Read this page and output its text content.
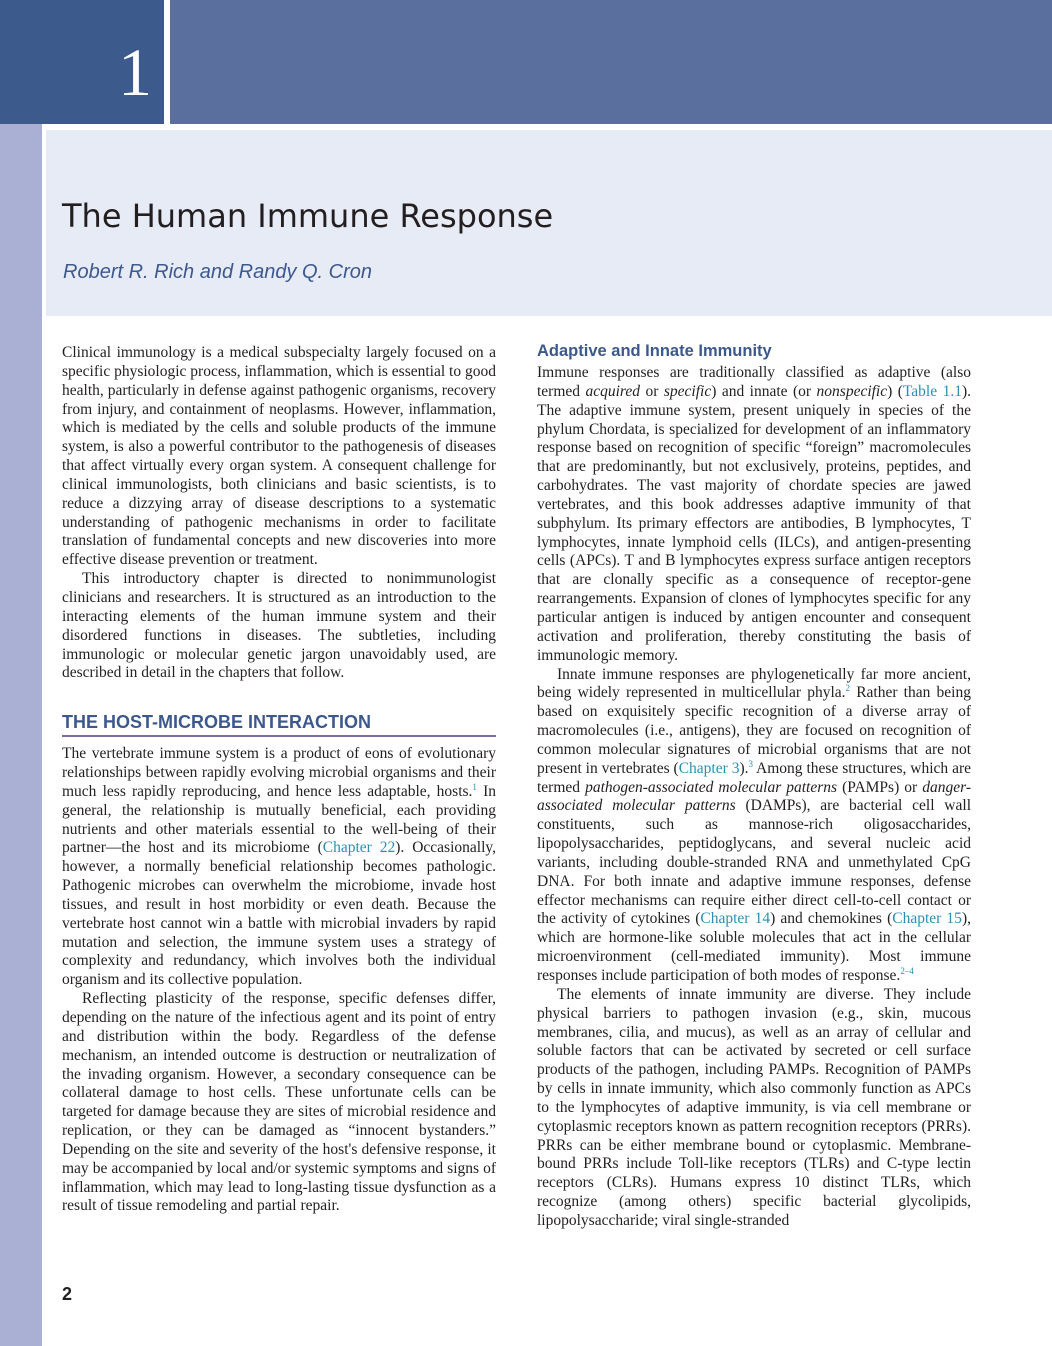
1
The Human Immune Response

Robert R. Rich and Randy Q. Cron

Clinical immunology is a medical subspecialty largely focused on a specific physiologic process, inflammation, which is essential to good health, particularly in defense against pathogenic organisms, recovery from injury, and containment of neoplasms. However, inflammation, which is mediated by the cells and soluble products of the immune system, is also a powerful contributor to the pathogenesis of diseases that affect virtually every organ system. A consequent challenge for clinical immunologists, both clinicians and basic scientists, is to reduce a dizzying array of disease descriptions to a systematic understanding of pathogenic mechanisms in order to facilitate translation of fundamental concepts and new discoveries into more effective disease prevention or treatment.

This introductory chapter is directed to nonimmunologist clinicians and researchers. It is structured as an introduction to the interacting elements of the human immune system and their disordered functions in diseases. The subtleties, including immunologic or molecular genetic jargon unavoidably used, are described in detail in the chapters that follow.

THE HOST-MICROBE INTERACTION

The vertebrate immune system is a product of eons of evolutionary relationships between rapidly evolving microbial organisms and their much less rapidly reproducing, and hence less adaptable, hosts.$^1$ In general, the relationship is mutually beneficial, each providing nutrients and other materials essential to the well-being of their partner—the host and its microbiome (Chapter 22). Occasionally, however, a normally beneficial relationship becomes pathologic. Pathogenic microbes can overwhelm the microbiome, invade host tissues, and result in host morbidity or even death. Because the vertebrate host cannot win a battle with microbial invaders by rapid mutation and selection, the immune system uses a strategy of complexity and redundancy, which involves both the individual organism and its collective population.

Reflecting plasticity of the response, specific defenses differ, depending on the nature of the infectious agent and its point of entry and distribution within the body. Regardless of the defense mechanism, an intended outcome is destruction or neutralization of the invading organism. However, a secondary consequence can be collateral damage to host cells. These unfortunate cells can be targeted for damage because they are sites of microbial residence and replication, or they can be damaged as “innocent bystanders.” Depending on the site and severity of the host's defensive response, it may be accompanied by local and/or systemic symptoms and signs of inflammation, which may lead to long-lasting tissue dysfunction as a result of tissue remodeling and partial repair.

Adaptive and Innate Immunity

Immune responses are traditionally classified as adaptive (also termed acquired or specific) and innate (or nonspecific) (Table 1.1). The adaptive immune system, present uniquely in species of the phylum Chordata, is specialized for development of an inflammatory response based on recognition of specific “foreign” macromolecules that are predominantly, but not exclusively, proteins, peptides, and carbohydrates. The vast majority of chordate species are jawed vertebrates, and this book addresses adaptive immunity of that subphylum. Its primary effectors are antibodies, B lymphocytes, T lymphocytes, innate lymphoid cells (ILCs), and antigen-presenting cells (APCs). T and B lymphocytes express surface antigen receptors that are clonally specific as a consequence of receptor-gene rearrangements. Expansion of clones of lymphocytes specific for any particular antigen is induced by antigen encounter and consequent activation and proliferation, thereby constituting the basis of immunologic memory.

Innate immune responses are phylogenetically far more ancient, being widely represented in multicellular phyla.$^2$ Rather than being based on exquisitely specific recognition of a diverse array of macromolecules (i.e., antigens), they are focused on recognition of common molecular signatures of microbial organisms that are not present in vertebrates (Chapter 3).$^3$ Among these structures, which are termed pathogen-associated molecular patterns (PAMPs) or danger-associated molecular patterns (DAMPs), are bacterial cell wall constituents, such as mannose-rich oligosaccharides, lipopolysaccharides, peptidoglycans, and several nucleic acid variants, including double-stranded RNA and unmethylated CpG DNA. For both innate and adaptive immune responses, defense effector mechanisms can require either direct cell-to-cell contact or the activity of cytokines (Chapter 14) and chemokines (Chapter 15), which are hormone-like soluble molecules that act in the cellular microenvironment (cell-mediated immunity). Most immune responses include participation of both modes of response.$^{2-4}$

The elements of innate immunity are diverse. They include physical barriers to pathogen invasion (e.g., skin, mucous membranes, cilia, and mucus), as well as an array of cellular and soluble factors that can be activated by secreted or cell surface products of the pathogen, including PAMPs. Recognition of PAMPs by cells in innate immunity, which also commonly function as APCs to the lymphocytes of adaptive immunity, is via cell membrane or cytoplasmic receptors known as pattern recognition receptors (PRRs). PRRs can be either membrane bound or cytoplasmic. Membrane-bound PRRs include Toll-like receptors (TLRs) and C-type lectin receptors (CLRs). Humans express 10 distinct TLRs, which recognize (among others) specific bacterial glycolipids, lipopolysaccharide; viral single-stranded

2
